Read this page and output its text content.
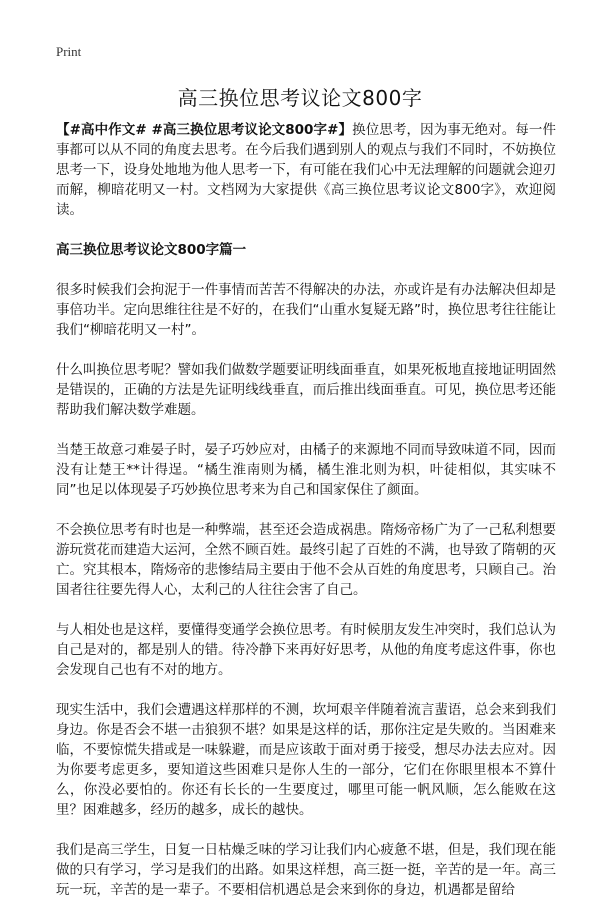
Print
高三换位思考议论文800字

【#高中作文# #高三换位思考议论文800字#】换位思考，因为事无绝对。每一件事都可以从不同的角度去思考。在今后我们遇到别人的观点与我们不同时，不妨换位思考一下，设身处地地为他人思考一下，有可能在我们心中无法理解的问题就会迎刃而解，柳暗花明又一村。文档网为大家提供《高三换位思考议论文800字》，欢迎阅读。

高三换位思考议论文800字篇一

很多时候我们会拘泥于一件事情而苦苦不得解决的办法，亦或许是有办法解决但却是事倍功半。定向思维往往是不好的，在我们“山重水复疑无路”时，换位思考往往能让我们“柳暗花明又一村”。

什么叫换位思考呢？譬如我们做数学题要证明线面垂直，如果死板地直接地证明固然是错误的，正确的方法是先证明线线垂直，而后推出线面垂直。可见，换位思考还能帮助我们解决数学难题。

当楚王故意刁难晏子时，晏子巧妙应对，由橘子的来源地不同而导致味道不同，因而没有让楚王**计得逞。“橘生淮南则为橘，橘生淮北则为枳，叶徒相似，其实味不同”也足以体现晏子巧妙换位思考来为自己和国家保住了颜面。

不会换位思考有时也是一种弊端，甚至还会造成祸患。隋炀帝杨广为了一己私利想要游玩赏花而建造大运河，全然不顾百姓。最终引起了百姓的不满，也导致了隋朝的灭亡。究其根本，隋炀帝的悲惨结局主要由于他不会从百姓的角度思考，只顾自己。治国者往往要先得人心，太利己的人往往会害了自己。

与人相处也是这样，要懂得变通学会换位思考。有时候朋友发生冲突时，我们总认为自己是对的，都是别人的错。待冷静下来再好好思考，从他的角度考虑这件事，你也会发现自己也有不对的地方。

现实生活中，我们会遭遇这样那样的不测，坎坷艰辛伴随着流言蜚语，总会来到我们身边。你是否会不堪一击狼狈不堪？如果是这样的话，那你注定是失败的。当困难来临，不要惊慌失措或是一味躲避，而是应该敢于面对勇于接受，想尽办法去应对。因为你要考虑更多，要知道这些困难只是你人生的一部分，它们在你眼里根本不算什么，你没必要怕的。你还有长长的一生要度过，哪里可能一帆风顺，怎么能败在这里？困难越多，经历的越多，成长的越快。

我们是高三学生，日复一日枯燥乏味的学习让我们内心疲惫不堪，但是，我们现在能做的只有学习，学习是我们的出路。如果这样想，高三挺一挺，辛苦的是一年。高三玩一玩，辛苦的是一辈子。不要相信机遇总是会来到你的身边，机遇都是留给
